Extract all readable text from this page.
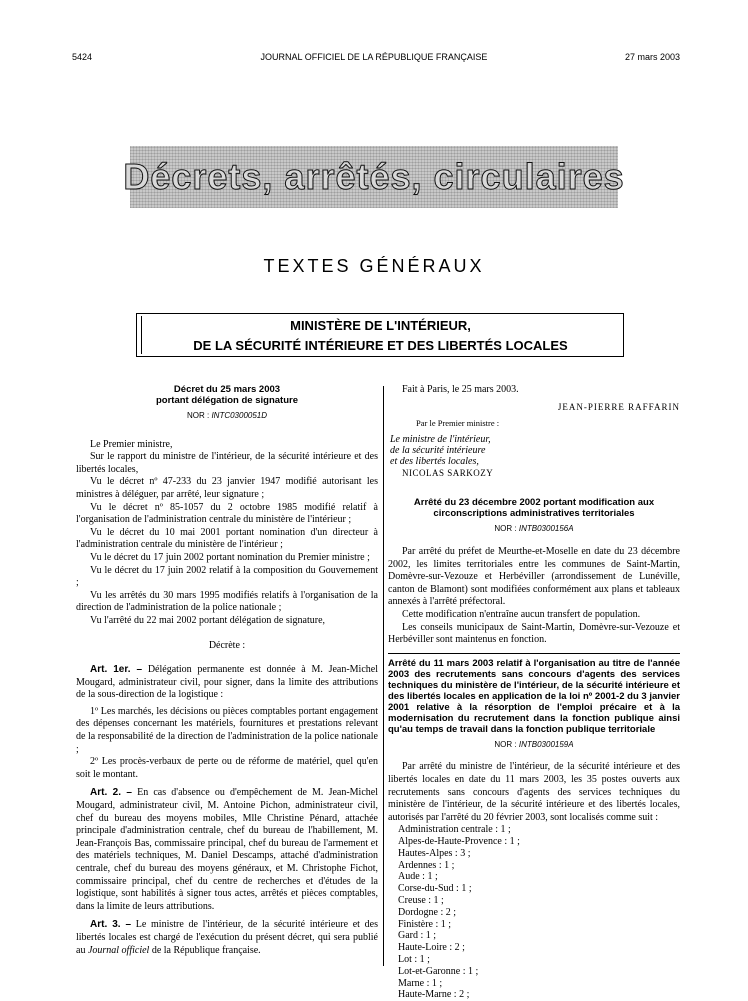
5424	JOURNAL OFFICIEL DE LA RÉPUBLIQUE FRANÇAISE	27 mars 2003
Décrets, arrêtés, circulaires
TEXTES GÉNÉRAUX
MINISTÈRE DE L'INTÉRIEUR,
DE LA SÉCURITÉ INTÉRIEURE ET DES LIBERTÉS LOCALES
Décret du 25 mars 2003
portant délégation de signature
NOR : INTC0300051D

Le Premier ministre,

Sur le rapport du ministre de l'intérieur, de la sécurité intérieure et des libertés locales,

Vu le décret nº 47-233 du 23 janvier 1947 modifié autorisant les ministres à déléguer, par arrêté, leur signature ;

Vu le décret nº 85-1057 du 2 octobre 1985 modifié relatif à l'organisation de l'administration centrale du ministère de l'intérieur ;

Vu le décret du 10 mai 2001 portant nomination d'un directeur à l'administration centrale du ministère de l'intérieur ;

Vu le décret du 17 juin 2002 portant nomination du Premier ministre ;

Vu le décret du 17 juin 2002 relatif à la composition du Gouvernement ;

Vu les arrêtés du 30 mars 1995 modifiés relatifs à l'organisation de la direction de l'administration de la police nationale ;

Vu l'arrêté du 22 mai 2002 portant délégation de signature,

Décrète :

Art. 1er. – Délégation permanente est donnée à M. Jean-Michel Mougard, administrateur civil, pour signer, dans la limite des attributions de la sous-direction de la logistique :

1º Les marchés, les décisions ou pièces comptables portant engagement des dépenses concernant les matériels, fournitures et prestations relevant de la responsabilité de la direction de l'administration de la police nationale ;

2º Les procès-verbaux de perte ou de réforme de matériel, quel qu'en soit le montant.

Art. 2. – En cas d'absence ou d'empêchement de M. Jean-Michel Mougard, administrateur civil, M. Antoine Pichon, administrateur civil, chef du bureau des moyens mobiles, Mlle Christine Pénard, attachée principale d'administration centrale, chef du bureau de l'habillement, M. Jean-François Bas, commissaire principal, chef du bureau de l'armement et des matériels techniques, M. Daniel Descamps, attaché d'administration centrale, chef du bureau des moyens généraux, et M. Christophe Fichot, commissaire principal, chef du centre de recherches et d'études de la logistique, sont habilités à signer tous actes, arrêtés et pièces comptables, dans la limite de leurs attributions.

Art. 3. – Le ministre de l'intérieur, de la sécurité intérieure et des libertés locales est chargé de l'exécution du présent décret, qui sera publié au Journal officiel de la République française.

Fait à Paris, le 25 mars 2003.

JEAN-PIERRE RAFFARIN
Par le Premier ministre :
Le ministre de l'intérieur,
de la sécurité intérieure
et des libertés locales,
NICOLAS SARKOZY
Arrêté du 23 décembre 2002 portant modification aux circonscriptions administratives territoriales
NOR : INTB0300156A

Par arrêté du préfet de Meurthe-et-Moselle en date du 23 décembre 2002, les limites territoriales entre les communes de Saint-Martin, Domèvre-sur-Vezouze et Herbéviller (arrondissement de Lunéville, canton de Blamont) sont modifiées conformément aux plans et tableaux annexés à l'arrêté préfectoral.

Cette modification n'entraîne aucun transfert de population.

Les conseils municipaux de Saint-Martin, Domèvre-sur-Vezouze et Herbéviller sont maintenus en fonction.

Arrêté du 11 mars 2003 relatif à l'organisation au titre de l'année 2003 des recrutements sans concours d'agents des services techniques du ministère de l'intérieur, de la sécurité intérieure et des libertés locales en application de la loi nº 2001-2 du 3 janvier 2001 relative à la résorption de l'emploi précaire et à la modernisation du recrutement dans la fonction publique ainsi qu'au temps de travail dans la fonction publique territoriale
NOR : INTB0300159A

Par arrêté du ministre de l'intérieur, de la sécurité intérieure et des libertés locales en date du 11 mars 2003, les 35 postes ouverts aux recrutements sans concours d'agents des services techniques du ministère de l'intérieur, de la sécurité intérieure et des libertés locales, autorisés par l'arrêté du 20 février 2003, sont localisés comme suit :

Administration centrale : 1 ;
Alpes-de-Haute-Provence : 1 ;
Hautes-Alpes : 3 ;
Ardennes : 1 ;
Aude : 1 ;
Corse-du-Sud : 1 ;
Creuse : 1 ;
Dordogne : 2 ;
Finistère : 1 ;
Gard : 1 ;
Haute-Loire : 2 ;
Lot : 1 ;
Lot-et-Garonne : 1 ;
Marne : 1 ;
Haute-Marne : 2 ;
